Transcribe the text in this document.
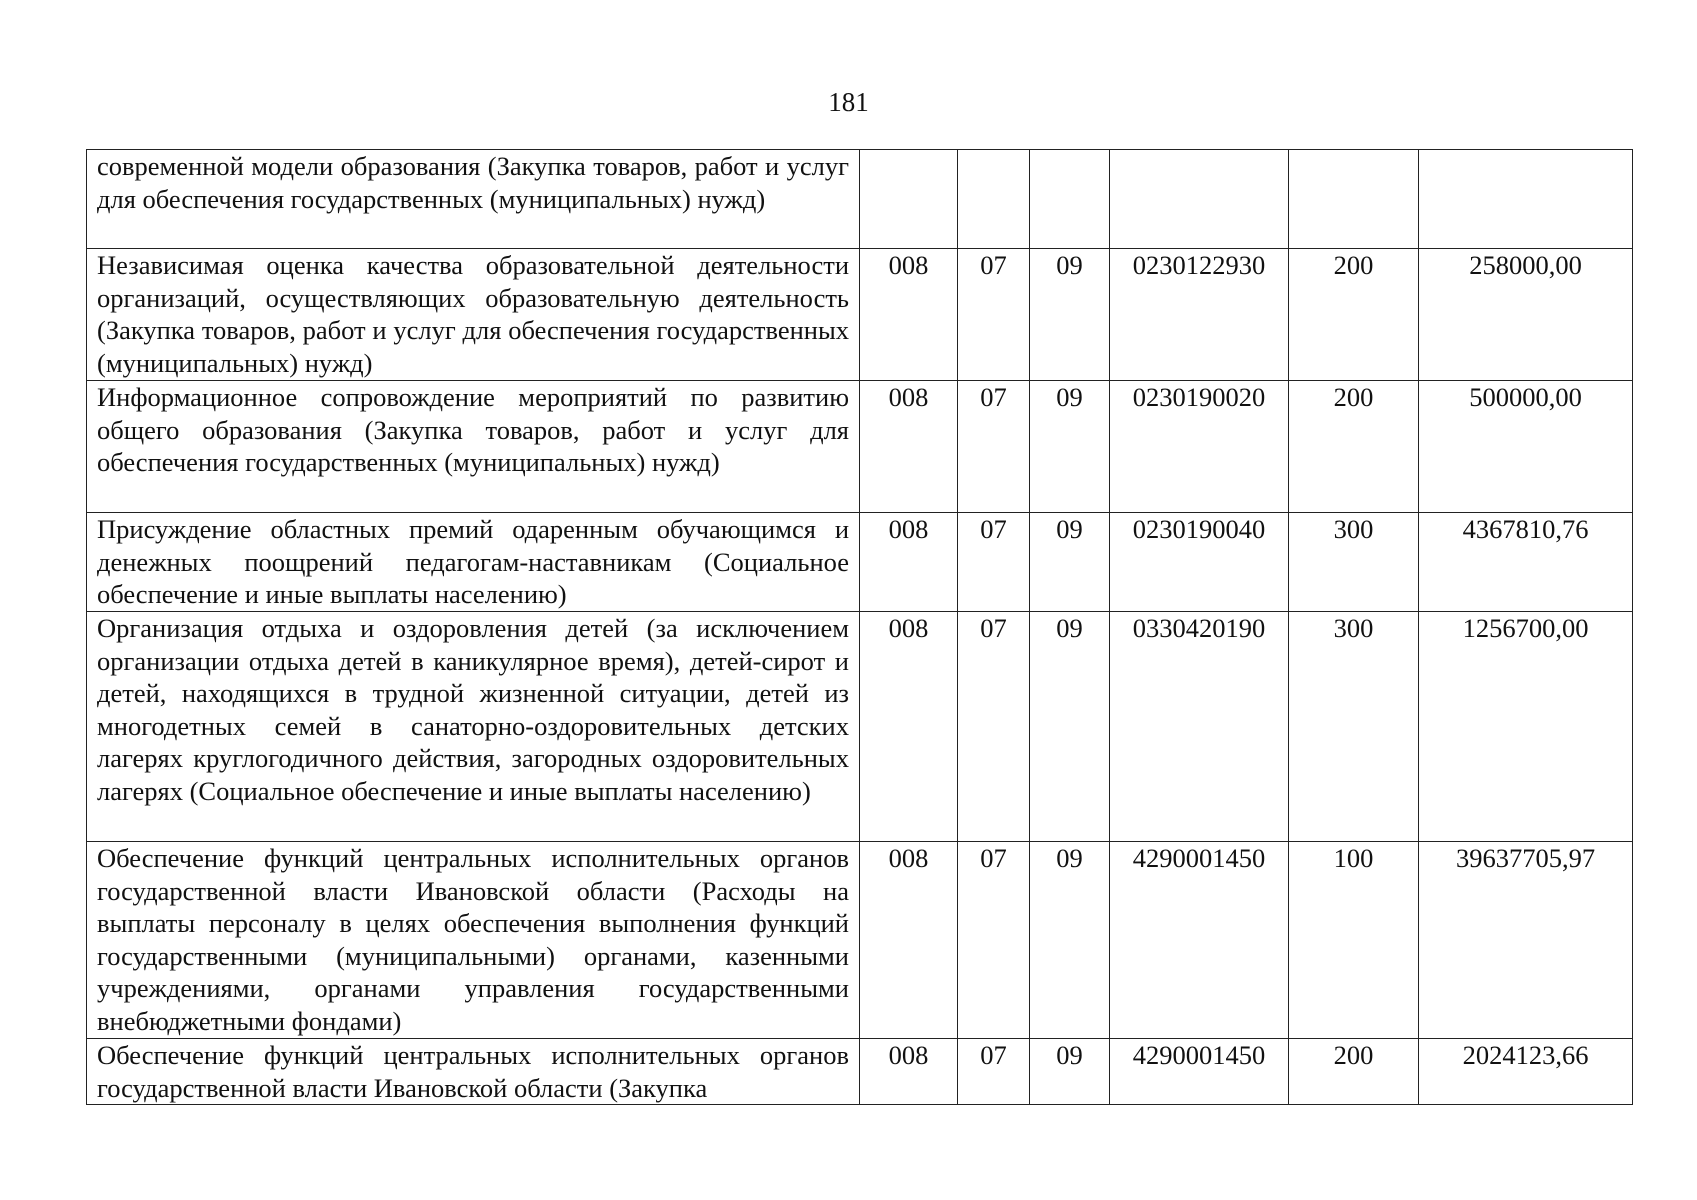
181
современной модели образования (Закупка товаров, работ и услуг для обеспечения государственных (муниципальных) нужд)						
Независимая оценка качества образовательной деятельности организаций, осуществляющих образовательную деятельность (Закупка товаров, работ и услуг для обеспечения государственных (муниципальных) нужд)	008	07	09	0230122930	200	258000,00
Информационное сопровождение мероприятий по развитию общего образования (Закупка товаров, работ и услуг для обеспечения государственных (муниципальных) нужд)	008	07	09	0230190020	200	500000,00
Присуждение областных премий одаренным обучающимся и денежных поощрений педагогам-наставникам (Социальное обеспечение и иные выплаты населению)	008	07	09	0230190040	300	4367810,76
Организация отдыха и оздоровления детей (за исключением организации отдыха детей в каникулярное время), детей-сирот и детей, находящихся в трудной жизненной ситуации, детей из многодетных семей в санаторно-оздоровительных детских лагерях круглогодичного действия, загородных оздоровительных лагерях (Социальное обеспечение и иные выплаты населению)	008	07	09	0330420190	300	1256700,00
Обеспечение функций центральных исполнительных органов государственной власти Ивановской области (Расходы на выплаты персоналу в целях обеспечения выполнения функций государственными (муниципальными) органами, казенными учреждениями, органами управления государственными внебюджетными фондами)	008	07	09	4290001450	100	39637705,97
Обеспечение функций центральных исполнительных органов государственной власти Ивановской области (Закупка	008	07	09	4290001450	200	2024123,66
